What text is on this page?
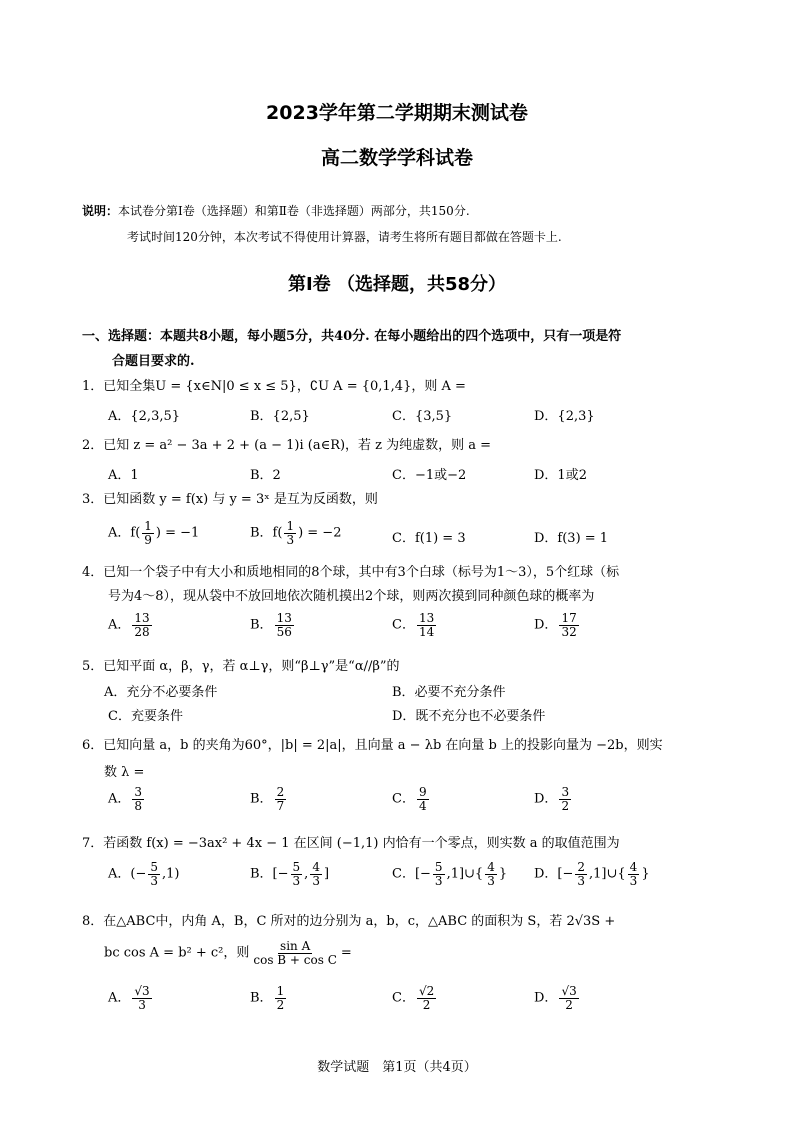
2023学年第二学期期末测试卷
高二数学学科试卷
说明：本试卷分第Ⅰ卷（选择题）和第Ⅱ卷（非选择题）两部分，共150分.
考试时间120分钟，本次考试不得使用计算器，请考生将所有题目都做在答题卡上.
第Ⅰ卷 （选择题，共58分）
一、选择题：本题共8小题，每小题5分，共40分. 在每小题给出的四个选项中，只有一项是符
合题目要求的.
1．已知全集U = {x∈N|0 ≤ x ≤ 5}，∁U A = {0,1,4}，则 A =
A．{2,3,5}	B．{2,5}	C．{3,5}	D．{2,3}
2．已知 z = a² − 3a + 2 + (a − 1)i (a∈R)，若 z 为纯虚数，则 a =
A．1	B．2	C．−1或−2	D．1或2
3．已知函数 y = f(x) 与 y = 3ˣ 是互为反函数，则
A．$f( \frac{1}{9}$ ) = −1	B．$f( \frac{1}{3}$ ) = −2	C．f(1) = 3	D．f(3) = 1
4．已知一个袋子中有大小和质地相同的8个球，其中有3个白球（标号为1～3），5个红球（标
号为4～8），现从袋中不放回地依次随机摸出2个球，则两次摸到同种颜色球的概率为
A． $\frac{13}{28}$	B． $\frac{13}{56}$	C． $\frac{13}{14}$	D． $\frac{17}{32}$
5．已知平面 α，β，γ，若 α⊥γ，则“β⊥γ”是“α//β”的
A．充分不必要条件	B．必要不充分条件
C．充要条件	D．既不充分也不必要条件
6．已知向量 a，b 的夹角为60°，|b| = 2|a|，且向量 a − λb 在向量 b 上的投影向量为 −2b，则实
数 λ =
A． $\frac{3}{8}$	B． $\frac{2}{7}$	C． $\frac{9}{4}$	D． $\frac{3}{2}$
7．若函数 f(x) = −3ax² + 4x − 1 在区间 (−1,1) 内恰有一个零点，则实数 a 的取值范围为
A．(− $\frac{5}{3} ,1$)	B．[− $\frac{5}{3}$ , $\frac{4}{3}$ ]	C．[− $\frac{5}{3}$ ,1]∪{ $\frac{4}{3}$ } D．[− $\frac{2}{3}$ ,1]∪{ $\frac{4}{3}$ }
8．在△ABC中，内角 A，B，C 所对的边分别为 a，b，c，△ABC 的面积为 S，若 2√3S +
bc cos A = b² + c²，则 $\frac{\text{sin A}}{\text{cos B + cos C}}$ =
A． $\frac{√3}{3}$	B． $\frac{1}{2}$	C． $\frac{√2}{2}$	D． $\frac{√3}{2}$
数学试题　第1页（共4页）
